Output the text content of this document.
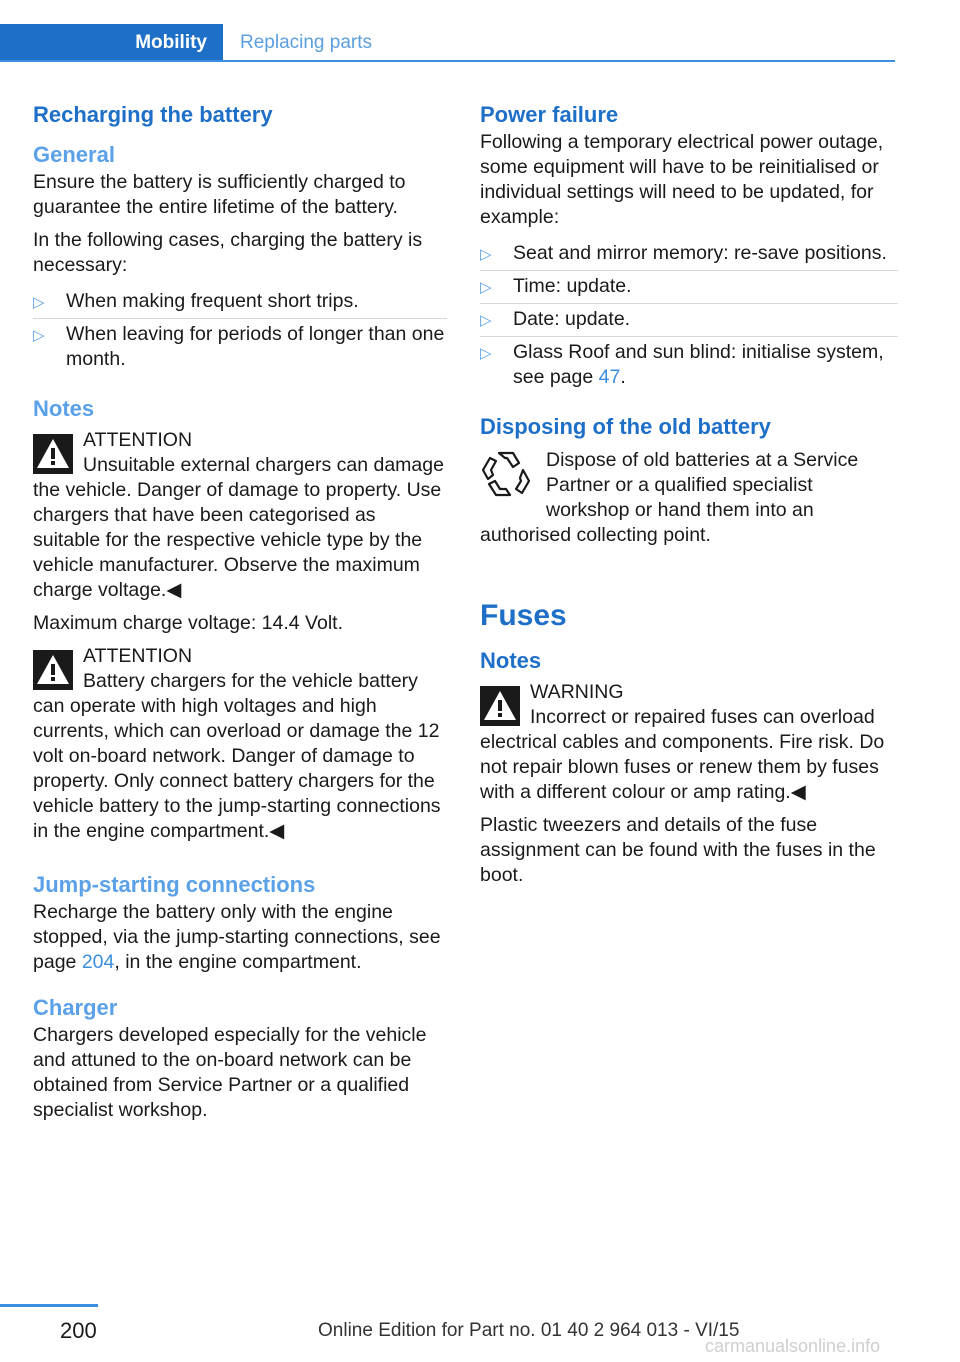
Mobility	Replacing parts
Recharging the battery
General

Ensure the battery is sufficiently charged to guarantee the entire lifetime of the battery.

In the following cases, charging the battery is necessary:

▷ When making frequent short trips.
▷ When leaving for periods of longer than one month.
Notes
ATTENTION
Unsuitable external chargers can damage the vehicle. Danger of damage to property. Use chargers that have been categorised as suitable for the respective vehicle type by the vehicle manufacturer. Observe the maximum charge voltage.◀

Maximum charge voltage: 14.4 Volt.

ATTENTION
Battery chargers for the vehicle battery can operate with high voltages and high currents, which can overload or damage the 12 volt on-board network. Danger of damage to property. Only connect battery chargers for the vehicle battery to the jump-starting connections in the engine compartment.◀
Jump-starting connections

Recharge the battery only with the engine stopped, via the jump-starting connections, see page 204, in the engine compartment.

Charger

Chargers developed especially for the vehicle and attuned to the on-board network can be obtained from Service Partner or a qualified specialist workshop.

Power failure

Following a temporary electrical power outage, some equipment will have to be reinitialised or individual settings will need to be updated, for example:

▷ Seat and mirror memory: re-save positions.
▷ Time: update.
▷ Date: update.
▷ Glass Roof and sun blind: initialise system, see page 47.
Disposing of the old battery
Dispose of old batteries at a Service Partner or a qualified specialist workshop or hand them into an authorised collecting point.
Fuses
Notes
WARNING
Incorrect or repaired fuses can overload electrical cables and components. Fire risk. Do not repair blown fuses or renew them by fuses with a different colour or amp rating.◀

Plastic tweezers and details of the fuse assignment can be found with the fuses in the boot.

200	Online Edition for Part no. 01 40 2 964 013 - VI/15
carmanualsonline.info
